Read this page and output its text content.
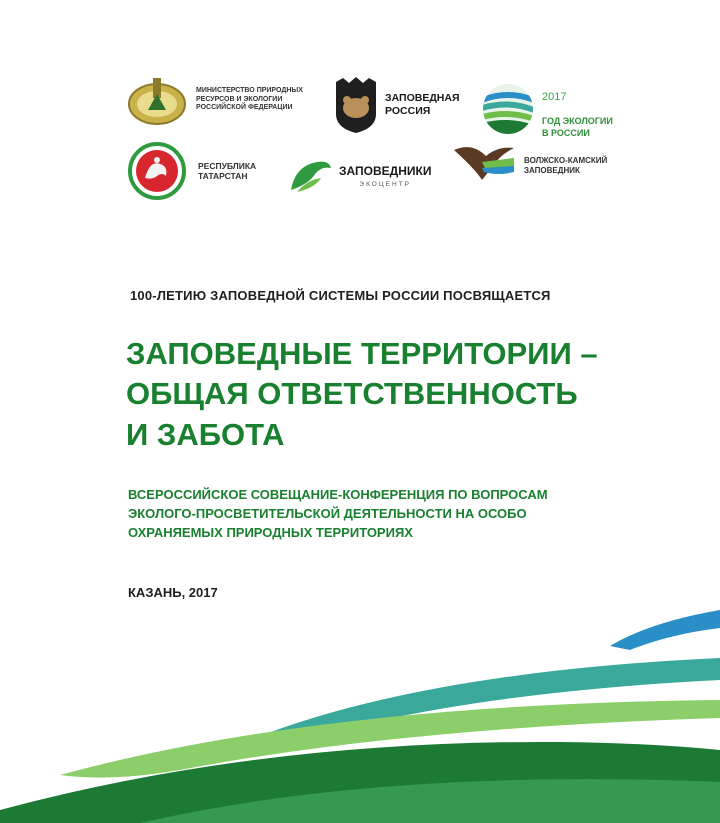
МИНИСТЕРСТВО ПРИРОДНЫХ
РЕСУРСОВ И ЭКОЛОГИИ
РОССИЙСКОЙ ФЕДЕРАЦИИ
ЗАПОВЕДНАЯ
РОССИЯ

2017

ГОД ЭКОЛОГИИ
В РОССИИ

РЕСПУБЛИКА
ТАТАРСТАН	ЗАПОВЕДНИКИ

ЭКОЦЕНТР

ВОЛЖСКО-КАМСКИЙ
ЗАПОВЕДНИК
100-ЛЕТИЮ ЗАПОВЕДНОЙ СИСТЕМЫ РОССИИ ПОСВЯЩАЕТСЯ
ЗАПОВЕДНЫЕ ТЕРРИТОРИИ –
ОБЩАЯ ОТВЕТСТВЕННОСТЬ
И ЗАБОТА
ВСЕРОССИЙСКОЕ СОВЕЩАНИЕ-КОНФЕРЕНЦИЯ ПО ВОПРОСАМ
ЭКОЛОГО-ПРОСВЕТИТЕЛЬСКОЙ ДЕЯТЕЛЬНОСТИ НА ОСОБО
ОХРАНЯЕМЫХ ПРИРОДНЫХ ТЕРРИТОРИЯХ
КАЗАНЬ, 2017
